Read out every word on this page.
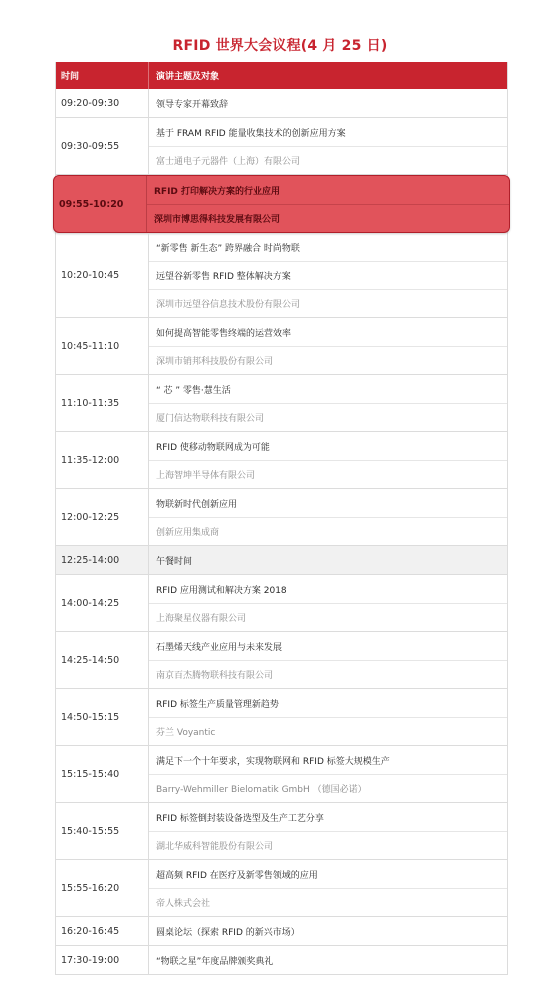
RFID 世界大会议程(4 月 25 日)
时间	演讲主题及对象
09:20-09:30	领导专家开幕致辞
09:30-09:55
基于 FRAM RFID 能量收集技术的创新应用方案
富士通电子元器件（上海）有限公司
09:55-10:20
RFID 打印解决方案的行业应用
深圳市博思得科技发展有限公司
10:20-10:45
“新零售 新生态” 跨界融合 时尚物联
远望谷新零售 RFID 整体解决方案
深圳市远望谷信息技术股份有限公司
10:45-11:10
如何提高智能零售终端的运营效率
深圳市销邦科技股份有限公司
11:10-11:35
“ 芯 ” 零售·慧生活
厦门信达物联科技有限公司
11:35-12:00
RFID 使移动物联网成为可能
上海智坤半导体有限公司
12:00-12:25
物联新时代创新应用
创新应用集成商
12:25-14:00	午餐时间
14:00-14:25
RFID 应用测试和解决方案 2018
上海聚星仪器有限公司
14:25-14:50
石墨烯天线产业应用与未来发展
南京百杰腾物联科技有限公司
14:50-15:15
RFID 标签生产质量管理新趋势
芬兰 Voyantic
15:15-15:40
满足下一个十年要求，实现物联网和 RFID 标签大规模生产
Barry-Wehmiller Bielomatik GmbH （德国必诺）
15:40-15:55
RFID 标签倒封装设备选型及生产工艺分享
湖北华威科智能股份有限公司
15:55-16:20
超高频 RFID 在医疗及新零售领域的应用
帝人株式会社
16:20-16:45	圆桌论坛（探索 RFID 的新兴市场）
17:30-19:00	“物联之星”年度品牌颁奖典礼
